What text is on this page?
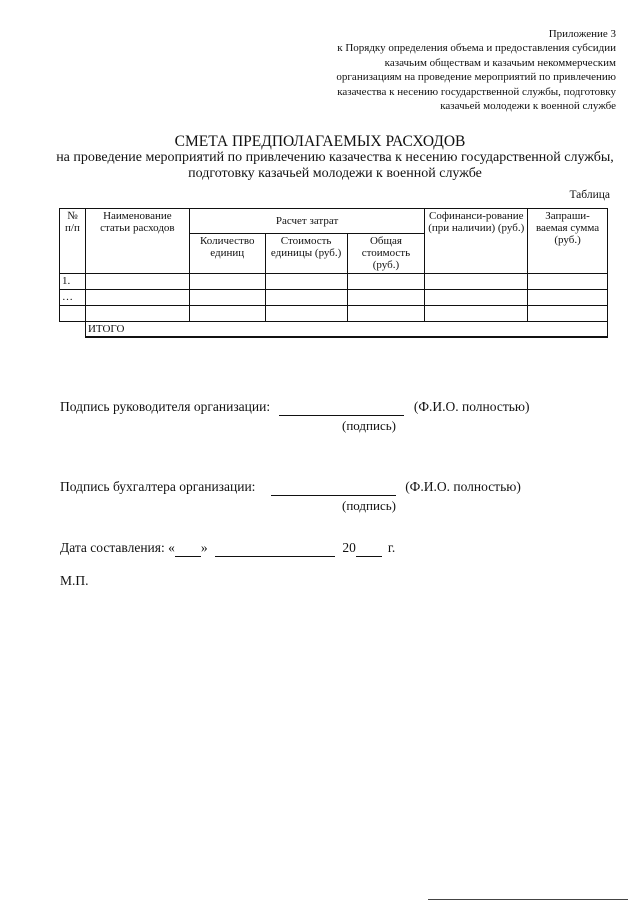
Приложение 3
к Порядку определения объема и предоставления субсидии
казачьим обществам и казачьим некоммерческим
организациям на проведение мероприятий по привлечению
казачества к несению государственной службы, подготовку
казачьей молодежи к военной службе
СМЕТА ПРЕДПОЛАГАЕМЫХ РАСХОДОВ
на проведение мероприятий по привлечению казачества к несению государственной службы, подготовку казачьей молодежи к военной службе
Таблица
№ п/п	Наименование статьи расходов	Расчет затрат			Софинанси-рование (при наличии) (руб.)	Запраши-ваемая сумма (руб.)
		Количество единиц	Стоимость единицы (руб.)	Общая стоимость (руб.)		
1.						
…						

	ИТОГО					
Подпись руководителя организации:	(Ф.И.О. полностью)
(подпись)
Подпись бухгалтера организации:	(Ф.И.О. полностью)
(подпись)
Дата составления: « »	20 г.
М.П.
